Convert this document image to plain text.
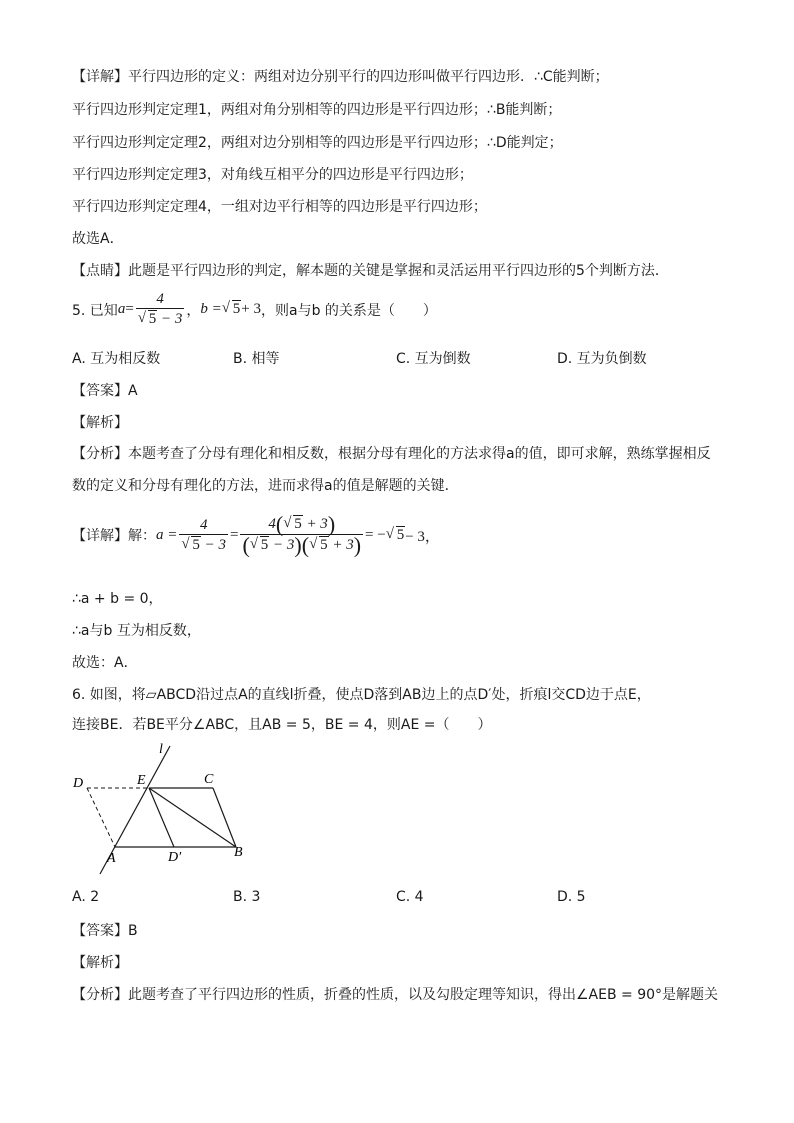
【详解】平行四边形的定义：两组对边分别平行的四边形叫做平行四边形．∴C能判断；
平行四边形判定定理1，两组对角分别相等的四边形是平行四边形；∴B能判断；
平行四边形判定定理2，两组对边分别相等的四边形是平行四边形；∴D能判定；
平行四边形判定定理3，对角线互相平分的四边形是平行四边形；
平行四边形判定定理4，一组对边平行相等的四边形是平行四边形；
故选A．
【点睛】此题是平行四边形的判定，解本题的关键是掌握和灵活运用平行四边形的5个判断方法．
5. 已知 a = 4
√ 5 − 3 ， b = √ 5 + 3 ，则a与b 的关系是（　　）
A. 互为相反数	B. 相等	C. 互为倒数	D. 互为负倒数
【答案】A
【解析】
【分析】本题考查了分母有理化和相反数，根据分母有理化的方法求得a的值，即可求解，熟练掌握相反
数的定义和分母有理化的方法，进而求得a的值是解题的关键．
【详解】解： a = 4
√ $5 - 3 = \frac{4( √ 5 + 3)}{( √ 5 - 3)( √ 5 + 3)}$ = − √ 5 − 3，
∴a + b = 0，
∴a与b 互为相反数，
故选：A．
6. 如图，将▱ABCD沿过点A的直线l折叠，使点D落到AB边上的点D′处，折痕l交CD边于点E，
连接BE．若BE平分∠ABC，且AB = 5，BE = 4，则AE =（　　）
l
D	E	C
A	D′	B
A. 2	B. 3	C. 4	D. 5
【答案】B
【解析】
【分析】此题考查了平行四边形的性质，折叠的性质，以及勾股定理等知识，得出∠AEB = 90°是解题关
